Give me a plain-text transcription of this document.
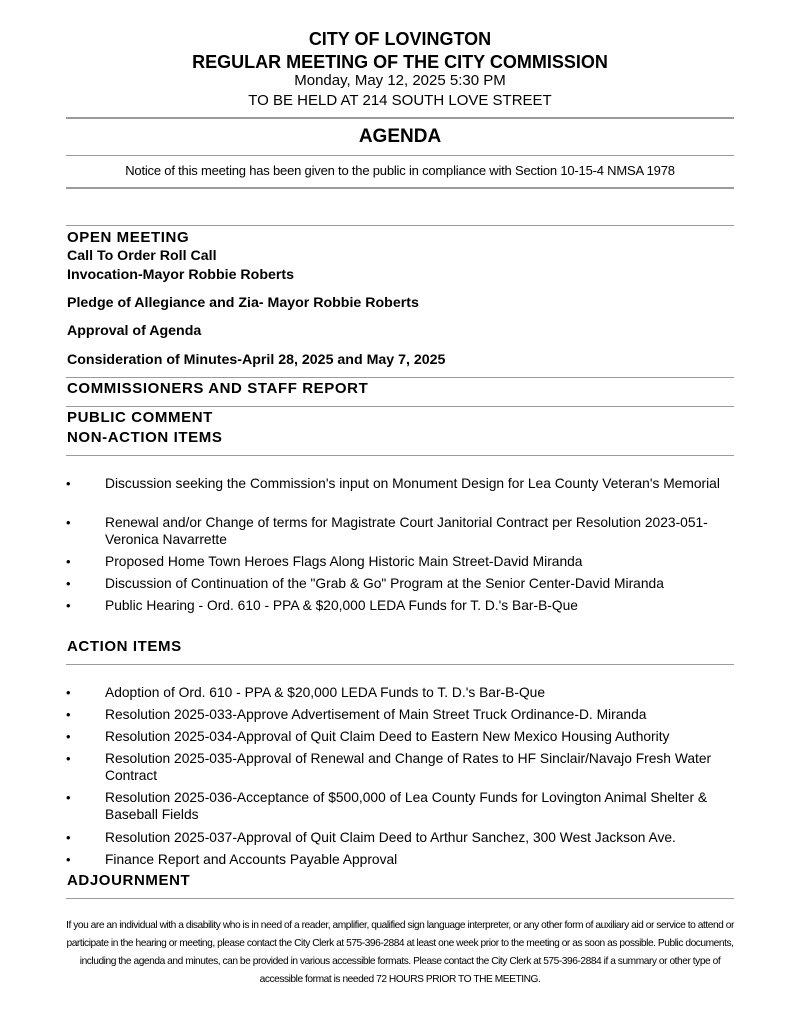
CITY OF LOVINGTON
REGULAR MEETING OF THE CITY COMMISSION
Monday, May 12, 2025 5:30 PM
TO BE HELD AT 214 SOUTH LOVE STREET
AGENDA
Notice of this meeting has been given to the public in compliance with Section 10-15-4 NMSA 1978
OPEN MEETING
Call To Order Roll Call
Invocation-Mayor Robbie Roberts
Pledge of Allegiance and Zia- Mayor Robbie Roberts
Approval of Agenda
Consideration of Minutes-April 28, 2025 and May 7, 2025
COMMISSIONERS AND STAFF REPORT
PUBLIC COMMENT
NON-ACTION ITEMS
• Discussion seeking the Commission's input on Monument Design for Lea County Veteran's Memorial
• Renewal and/or Change of terms for Magistrate Court Janitorial Contract per Resolution 2023-051-Veronica Navarrette
• Proposed Home Town Heroes Flags Along Historic Main Street-David Miranda
• Discussion of Continuation of the "Grab & Go" Program at the Senior Center-David Miranda
• Public Hearing - Ord. 610 - PPA & $20,000 LEDA Funds for T. D.'s Bar-B-Que
ACTION ITEMS
• Adoption of Ord. 610 - PPA & $20,000 LEDA Funds to T. D.'s Bar-B-Que
• Resolution 2025-033-Approve Advertisement of Main Street Truck Ordinance-D. Miranda
• Resolution 2025-034-Approval of Quit Claim Deed to Eastern New Mexico Housing Authority
• Resolution 2025-035-Approval of Renewal and Change of Rates to HF Sinclair/Navajo Fresh Water Contract
• Resolution 2025-036-Acceptance of $500,000 of Lea County Funds for Lovington Animal Shelter & Baseball Fields
• Resolution 2025-037-Approval of Quit Claim Deed to Arthur Sanchez, 300 West Jackson Ave.
• Finance Report and Accounts Payable Approval
ADJOURNMENT
If you are an individual with a disability who is in need of a reader, amplifier, qualified sign language interpreter, or any other form of auxiliary aid or service to attend or participate in the hearing or meeting, please contact the City Clerk at 575-396-2884 at least one week prior to the meeting or as soon as possible. Public documents, including the agenda and minutes, can be provided in various accessible formats. Please contact the City Clerk at 575-396-2884 if a summary or other type of accessible format is needed 72 HOURS PRIOR TO THE MEETING.
